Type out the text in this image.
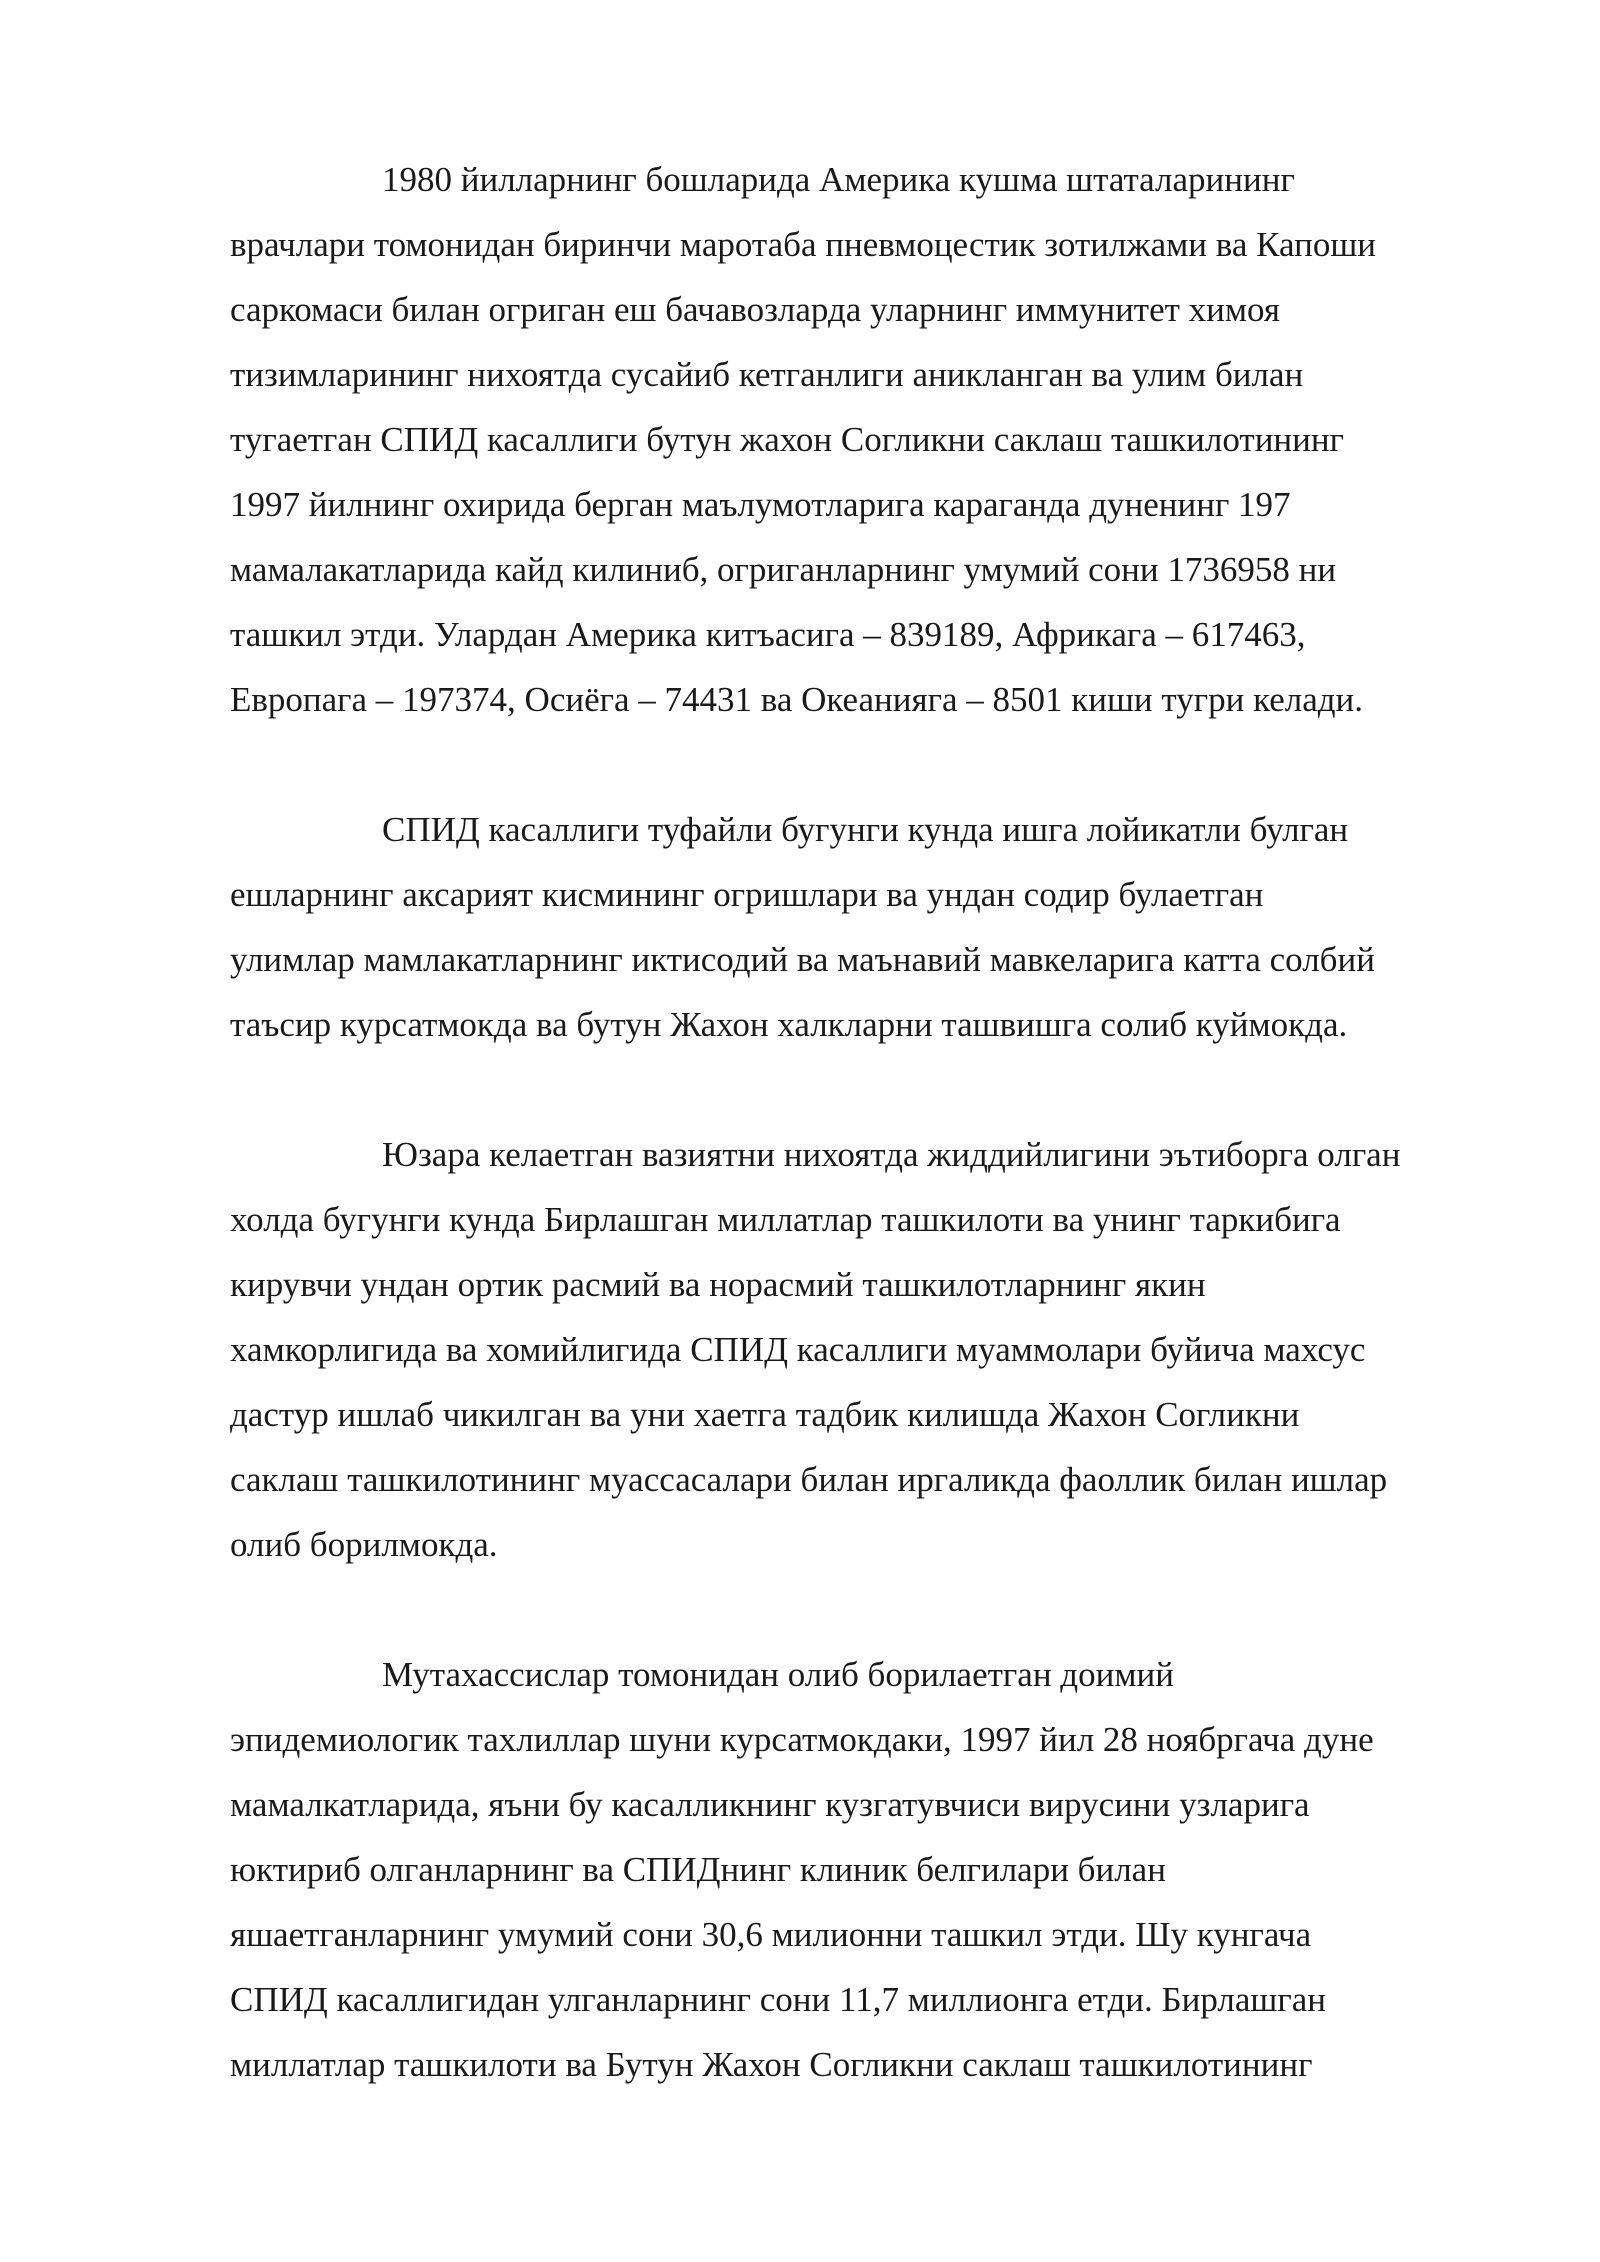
1980 йилларнинг бошларида Америка кушма штаталарининг
врачлари томонидан биринчи маротаба пневмоцестик зотилжами ва Капоши
саркомаси билан огриган еш бачавозларда уларнинг иммунитет химоя
тизимларининг нихоятда сусайиб кетганлиги аникланган ва улим билан
тугаетган СПИД касаллиги бутун жахон Согликни саклаш ташкилотининг
1997 йилнинг охирида берган маълумотларига караганда дуненинг 197
мамалакатларида кайд килиниб, огриганларнинг умумий сони 1736958 ни
ташкил этди. Улардан Америка китъасига – 839189, Африкага – 617463,
Европага – 197374, Осиёга – 74431 ва Океанияга – 8501 киши тугри келади.
СПИД касаллиги туфайли бугунги кунда ишга лойикатли булган
ешларнинг аксарият кисмининг огришлари ва ундан содир булаетган
улимлар мамлакатларнинг иктисодий ва маънавий мавкеларига катта солбий
таъсир курсатмокда ва бутун Жахон халкларни ташвишга солиб куймокда.
Юзара келаетган вазиятни нихоятда жиддийлигини эътиборга олган
холда бугунги кунда Бирлашган миллатлар ташкилоти ва унинг таркибига
кирувчи ундан ортик расмий ва норасмий ташкилотларнинг якин
хамкорлигида ва хомийлигида СПИД касаллиги муаммолари буйича махсус
дастур ишлаб чикилган ва уни хаетга тадбик килишда Жахон Согликни
саклаш ташкилотининг муассасалари билан иргаликда фаоллик билан ишлар
олиб борилмокда.
Мутахассислар томонидан олиб борилаетган доимий
эпидемиологик тахлиллар шуни курсатмокдаки, 1997 йил 28 ноябргача дуне
мамалкатларида, яъни бу касалликнинг кузгатувчиси вирусини узларига
юктириб олганларнинг ва СПИДнинг клиник белгилари билан
яшаетганларнинг умумий сони 30,6 милионни ташкил этди. Шу кунгача
СПИД касаллигидан улганларнинг сони 11,7 миллионга етди. Бирлашган
миллатлар ташкилоти ва Бутун Жахон Согликни саклаш ташкилотининг
